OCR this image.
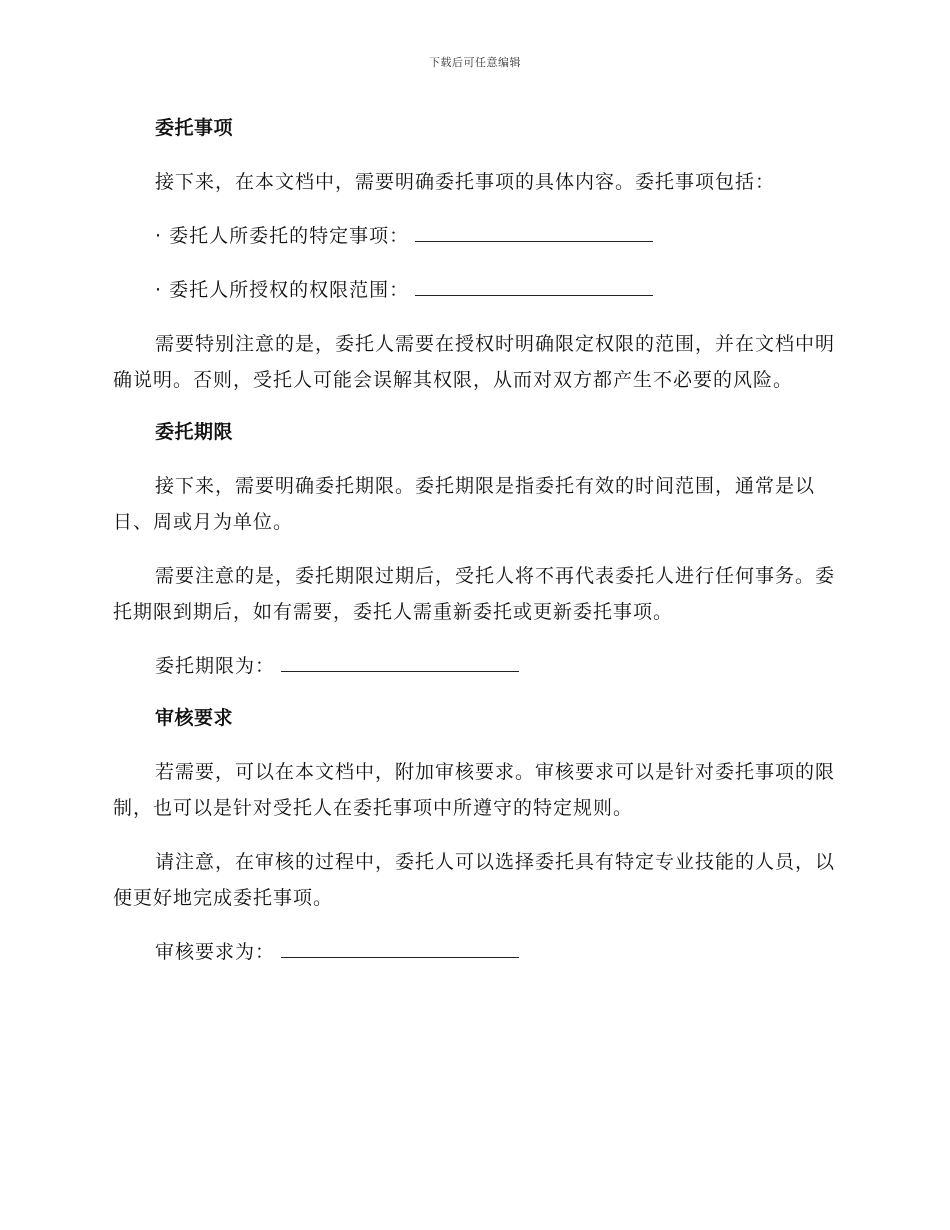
下载后可任意编辑
委托事项

接下来，在本文档中，需要明确委托事项的具体内容。委托事项包括：

· 委托人所委托的特定事项：
· 委托人所授权的权限范围：

需要特别注意的是，委托人需要在授权时明确限定权限的范围，并在文档中明确说明。否则，受托人可能会误解其权限，从而对双方都产生不必要的风险。

委托期限

接下来，需要明确委托期限。委托期限是指委托有效的时间范围，通常是以日、周或月为单位。

需要注意的是，委托期限过期后，受托人将不再代表委托人进行任何事务。委托期限到期后，如有需要，委托人需重新委托或更新委托事项。

委托期限为：
审核要求

若需要，可以在本文档中，附加审核要求。审核要求可以是针对委托事项的限制，也可以是针对受托人在委托事项中所遵守的特定规则。

请注意，在审核的过程中，委托人可以选择委托具有特定专业技能的人员，以便更好地完成委托事项。

审核要求为：
